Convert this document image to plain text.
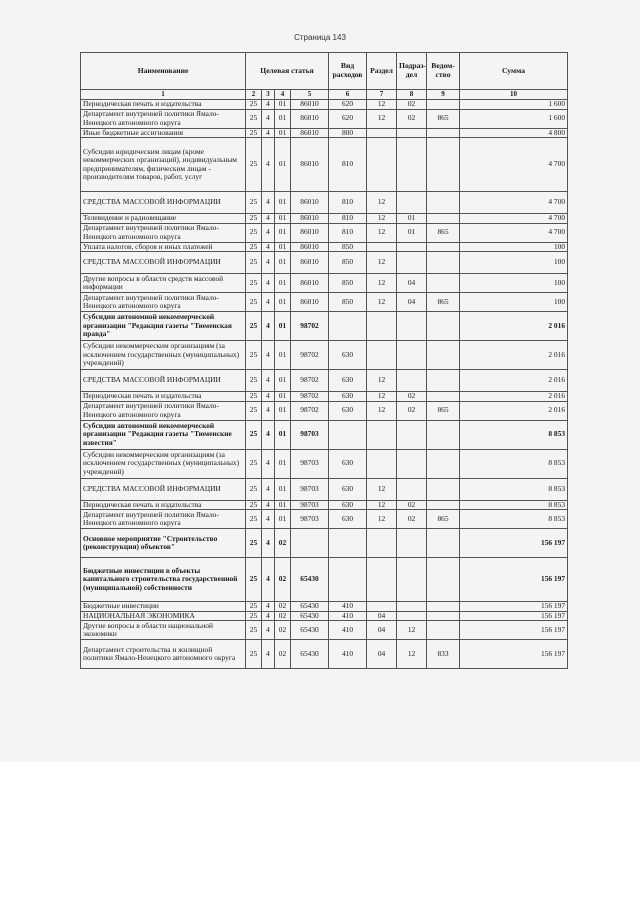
Страница 143
Наименование	Целевая статья				Вид расходов	Раздел	Подраз-дел	Ведом-ство	Сумма
1	2	3	4	5	6	7	8	9	10
Периодическая печать и издательства	25	4	01	86010	620	12	02		1 600
Департамент внутренней политики Ямало-Ненецкого автономного округа	25	4	01	86010	620	12	02	865	1 600
Иные бюджетные ассигнования	25	4	01	86010	800				4 800
Субсидии юридическим лицам (кроме некоммерческих организаций), индивидуальным предпринимателям, физическим лицам - производителям товаров, работ, услуг	25	4	01	86010	810				4 700
СРЕДСТВА МАССОВОЙ ИНФОРМАЦИИ	25	4	01	86010	810	12			4 700
Телевидение и радиовещание	25	4	01	86010	810	12	01		4 700
Департамент внутренней политики Ямало-Ненецкого автономного округа	25	4	01	86010	810	12	01	865	4 700
Уплата налогов, сборов и иных платежей	25	4	01	86010	850				100
СРЕДСТВА МАССОВОЙ ИНФОРМАЦИИ	25	4	01	86010	850	12			100
Другие вопросы в области средств массовой информации	25	4	01	86010	850	12	04		100
Департамент внутренней политики Ямало-Ненецкого автономного округа	25	4	01	86010	850	12	04	865	100
Субсидии автономной некоммерческой организации "Редакция газеты "Тюменская правда"	25	4	01	98702					2 016
Субсидии некоммерческим организациям (за исключением государственных (муниципальных) учреждений)	25	4	01	98702	630				2 016
СРЕДСТВА МАССОВОЙ ИНФОРМАЦИИ	25	4	01	98702	630	12			2 016
Периодическая печать и издательства	25	4	01	98702	630	12	02		2 016
Департамент внутренней политики Ямало-Ненецкого автономного округа	25	4	01	98702	630	12	02	865	2 016
Субсидии автономной некоммерческой организации "Редакция газеты "Тюменские известия"	25	4	01	98703					8 853
Субсидии некоммерческим организациям (за исключением государственных (муниципальных) учреждений)	25	4	01	98703	630				8 853
СРЕДСТВА МАССОВОЙ ИНФОРМАЦИИ	25	4	01	98703	630	12			8 853
Периодическая печать и издательства	25	4	01	98703	630	12	02		8 853
Департамент внутренней политики Ямало-Ненецкого автономного округа	25	4	01	98703	630	12	02	865	8 853
Основное мероприятие "Строительство (реконструкция) объектов"	25	4	02						156 197
Бюджетные инвестиции в объекты капитального строительства государственной (муниципальной) собственности	25	4	02	65430					156 197
Бюджетные инвестиции	25	4	02	65430	410				156 197
НАЦИОНАЛЬНАЯ ЭКОНОМИКА	25	4	02	65430	410	04			156 197
Другие вопросы в области национальной экономики	25	4	02	65430	410	04	12		156 197
Департамент строительства и жилищной политики Ямало-Ненецкого автономного округа	25	4	02	65430	410	04	12	833	156 197
